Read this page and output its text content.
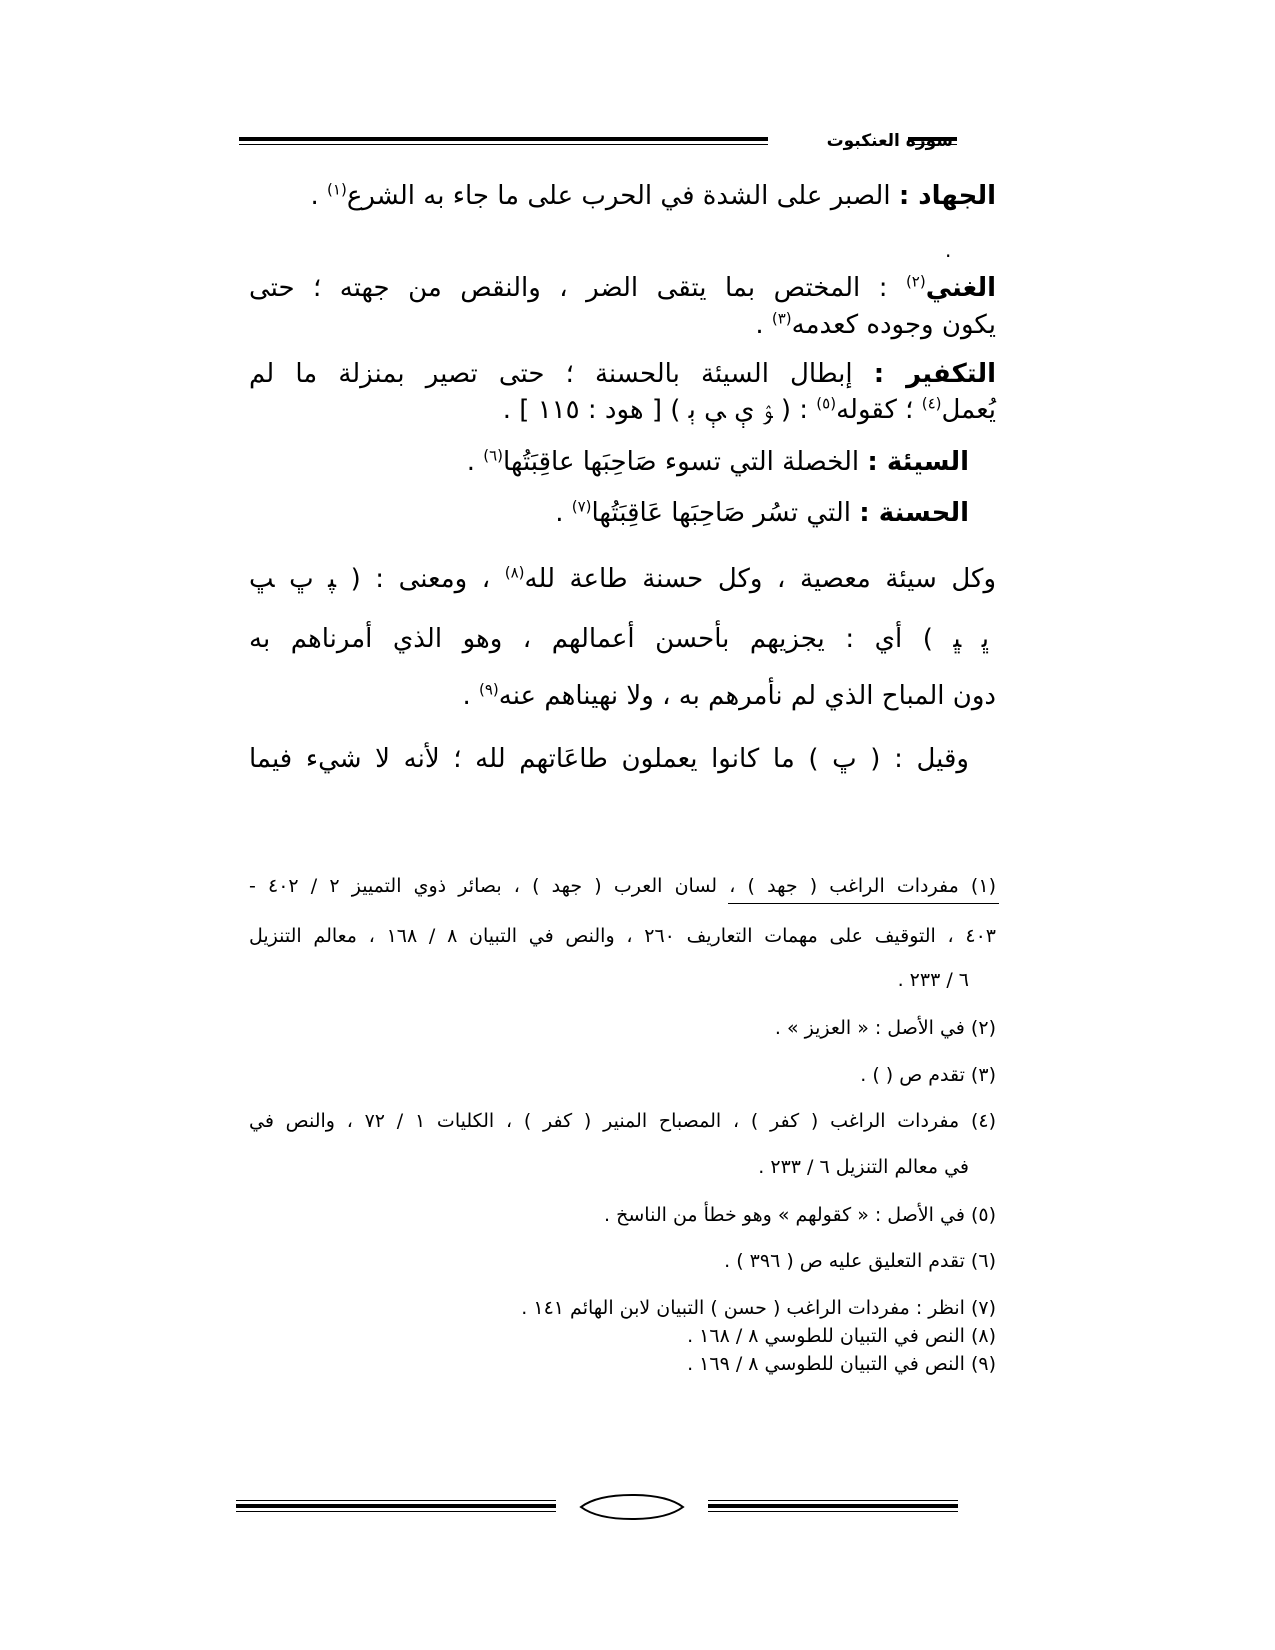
سورة العنكبوت
الجهاد : الصبر على الشدة في الحرب على ما جاء به الشرع$^{(١)}$ .
.
الغني$^{(٢)}$ : المختص بما يتقى الضر ، والنقص من جهته ؛ حتى
يكون وجوده كعدمه$^{(٣)}$ .
التكفير : إبطال السيئة بالحسنة ؛ حتى تصير بمنزلة ما لم
يُعمل$^{(٤)}$ ؛ كقوله$^{(٥)}$ : ( ﯣ ﯤ ﯥ ﯦ ) [ هود : ١١٥ ] .
السيئة : الخصلة التي تسوء صَاحِبَها عاقِبَتُها$^{(٦)}$ .
الحسنة : التي تسُر صَاحِبَها عَاقِبَتُها$^{(٧)}$ .
وكل سيئة معصية ، وكل حسنة طاعة لله$^{(٨)}$ ، ومعنى : ( ﭙ ﭚ ﭛ
ﭜ ﭝ ) أي : يجزيهم بأحسن أعمالهم ، وهو الذي أمرناهم به
دون المباح الذي لم نأمرهم به ، ولا نهيناهم عنه$^{(٩)}$ .
وقيل : ( ﭚ ) ما كانوا يعملون طاعَاتهم لله ؛ لأنه لا شيء فيما
(١) مفردات الراغب ( جهد ) ، لسان العرب ( جهد ) ، بصائر ذوي التمييز ٢ / ٤٠٢ -
٤٠٣ ، التوقيف على مهمات التعاريف ٢٦٠ ، والنص في التبيان ٨ / ١٦٨ ، معالم التنزيل
٦ / ٢٣٣ .
(٢) في الأصل : « العزيز » .
(٣) تقدم ص ( ) .
(٤) مفردات الراغب ( كفر ) ، المصباح المنير ( كفر ) ، الكليات ١ / ٧٢ ، والنص في
في معالم التنزيل ٦ / ٢٣٣ .
(٥) في الأصل : « كقولهم » وهو خطأ من الناسخ .
(٦) تقدم التعليق عليه ص ( ٣٩٦ ) .
(٧) انظر : مفردات الراغب ( حسن ) التبيان لابن الهائم ١٤١ .
(٨) النص في التبيان للطوسي ٨ / ١٦٨ .
(٩) النص في التبيان للطوسي ٨ / ١٦٩ .
